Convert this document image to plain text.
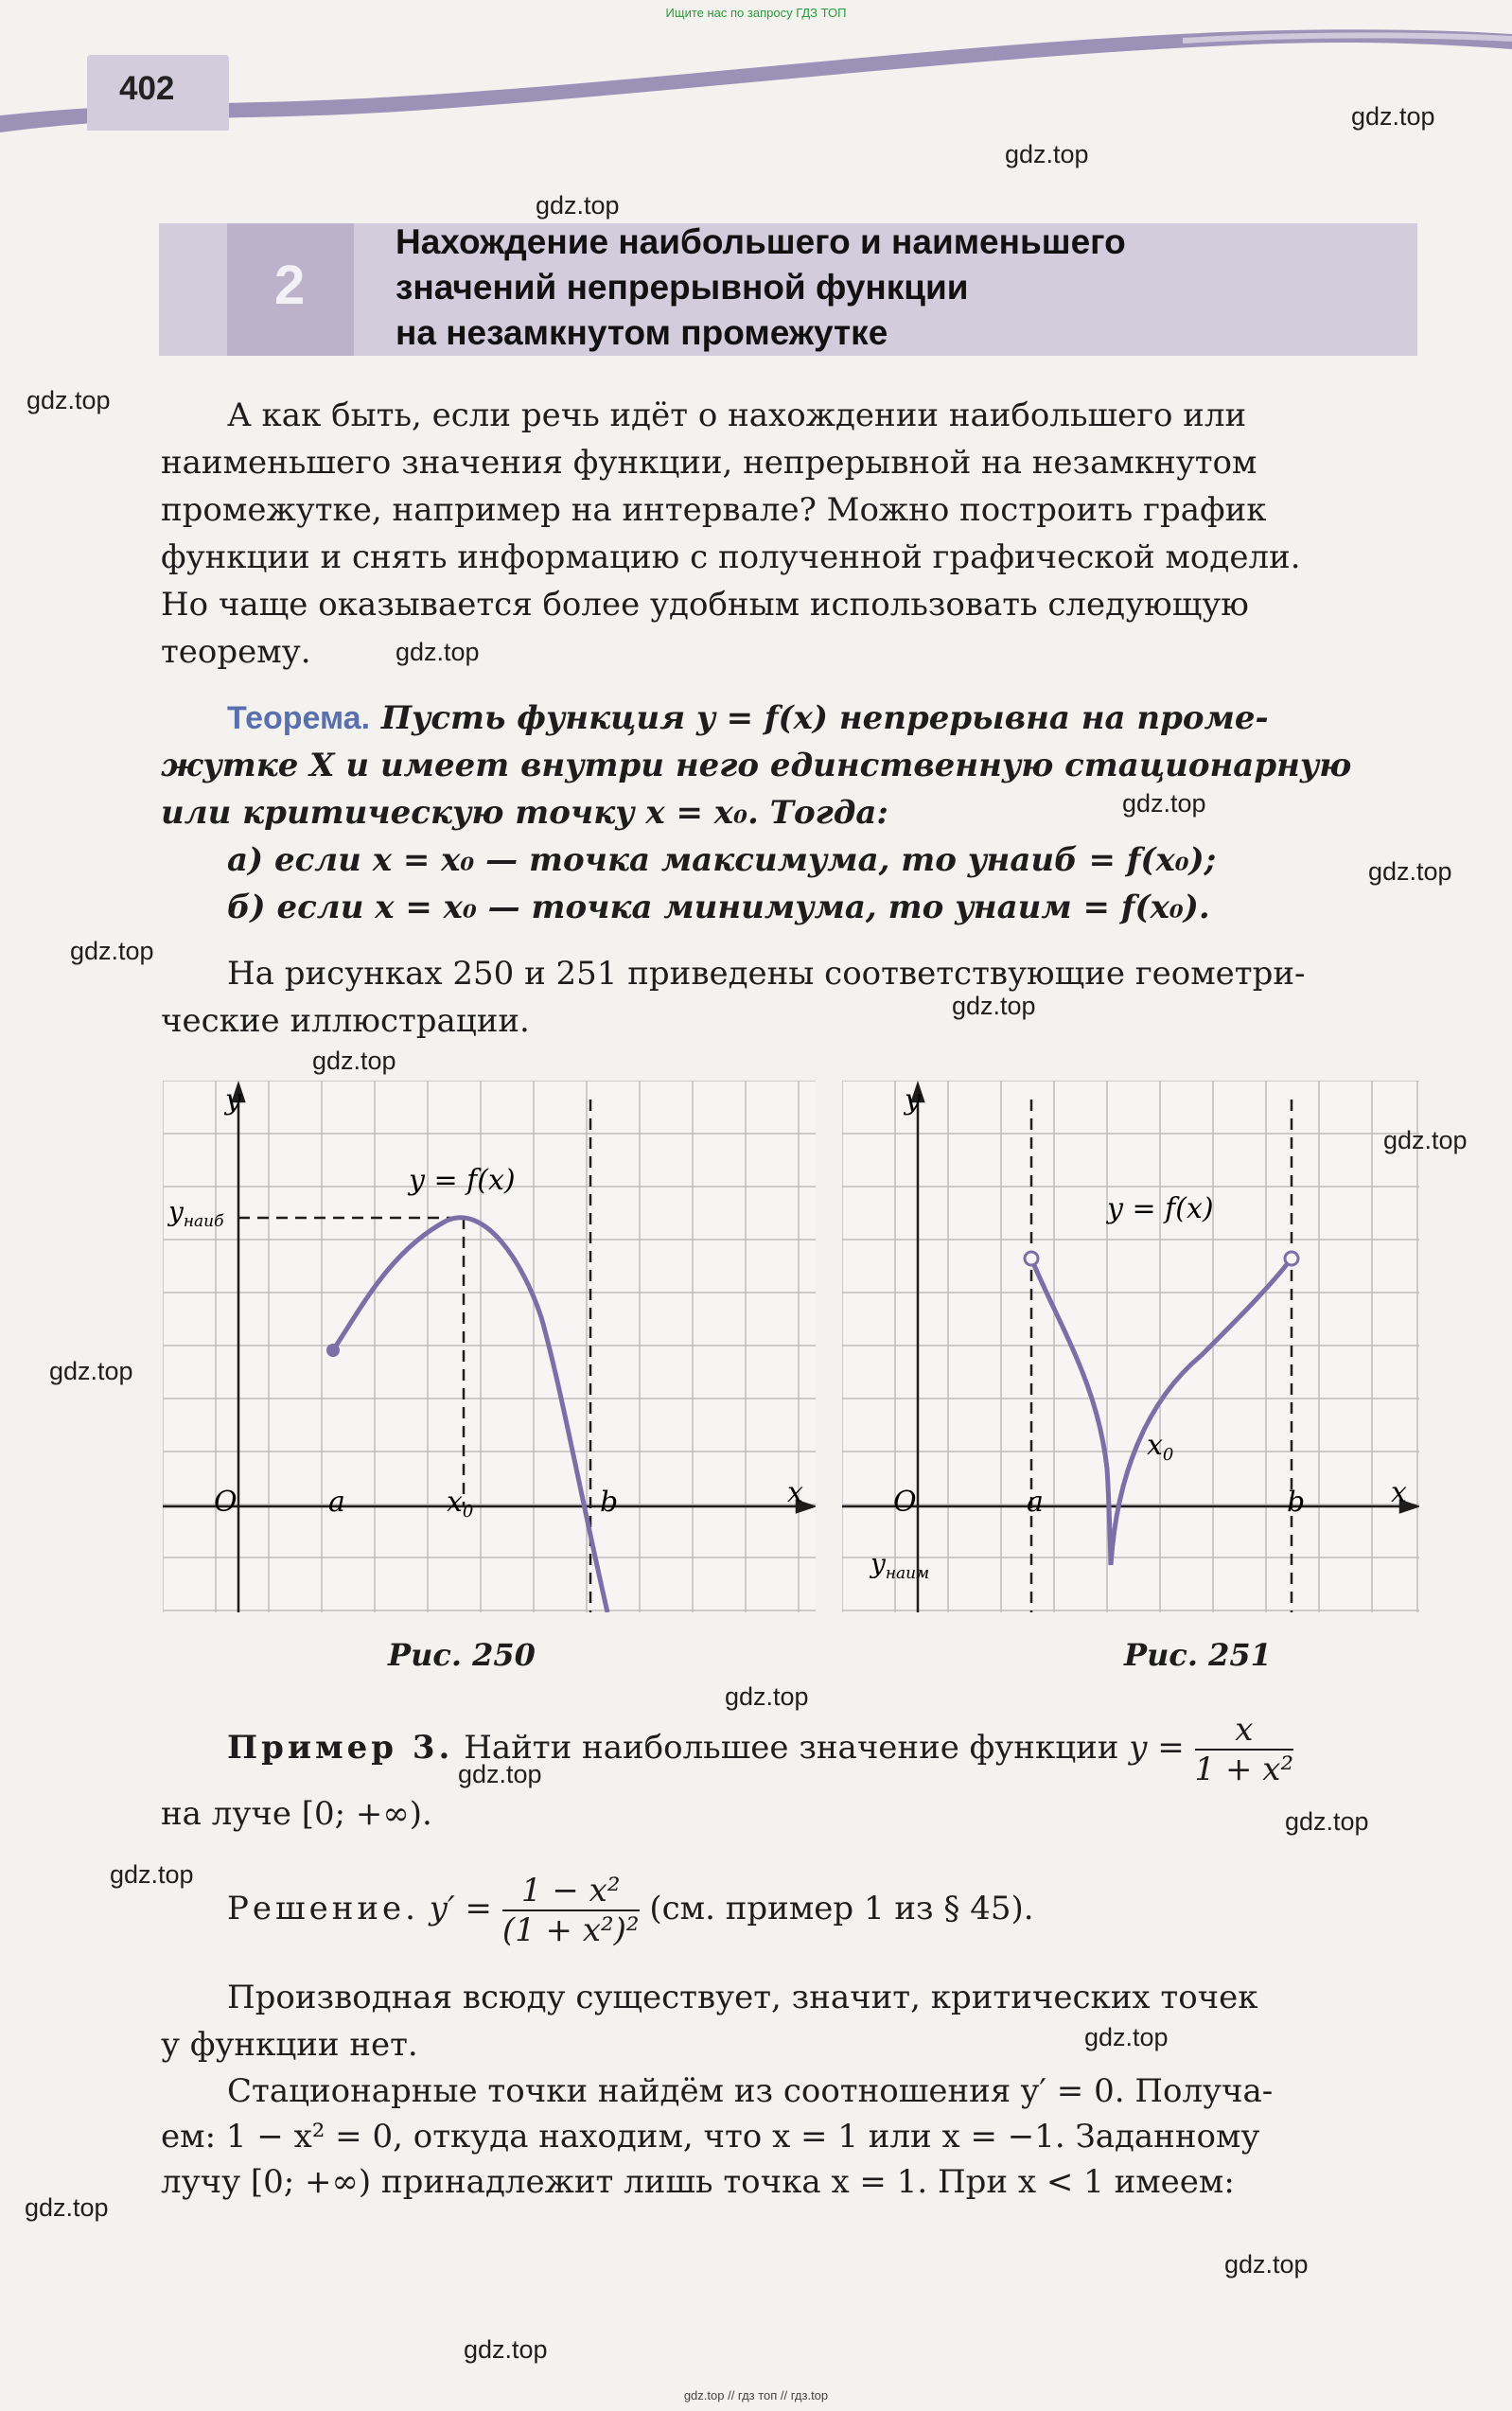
Ищите нас по запросу ГДЗ ТОП
gdz.top // гдз топ // гдз.top
402
2
Нахождение наибольшего и наименьшего
значений непрерывной функции
на незамкнутом промежутке
А как быть, если речь идёт о нахождении наибольшего или
наименьшего значения функции, непрерывной на незамкнутом
промежутке, например на интервале? Можно построить график
функции и снять информацию с полученной графической модели.
Но чаще оказывается более удобным использовать следующую
теорему.
Теорема. Пусть функция y = f(x) непрерывна на проме-
жутке X и имеет внутри него единственную стационарную
или критическую точку x = x₀. Тогда:
а) если x = x₀ — точка максимума, то yнаиб = f(x₀);
б) если x = x₀ — точка минимума, то yнаим = f(x₀).
На рисунках 250 и 251 приведены соответствующие геометри-
ческие иллюстрации.
y
x
O
y = f(x)
$y_{наиб}$
a	$x_0$	b
Рис. 250
y
x
O
y = f(x)
$y_{наим}$
a
$x_0$
b
Рис. 251
Пример 3. Найти наибольшее значение функции $y = \frac{x}{\text{1 + x²}}$
на луче [0; +∞).
Решение. $y' = \frac{\text{1 − x²}}{\text{(1 + x²)²}} (см$. пример 1 из § 45).
Производная всюду существует, значит, критических точек
у функции нет.
Стационарные точки найдём из соотношения y′ = 0. Получа-
ем: 1 − x² = 0, откуда находим, что x = 1 или x = −1. Заданному
лучу [0; +∞) принадлежит лишь точка x = 1. При x < 1 имеем:
gdz.top
gdz.top
gdz.top
gdz.top
gdz.top
gdz.top
gdz.top
gdz.top
gdz.top
gdz.top
gdz.top
gdz.top
gdz.top
gdz.top
gdz.top
gdz.top
gdz.top
gdz.top
gdz.top
gdz.top
